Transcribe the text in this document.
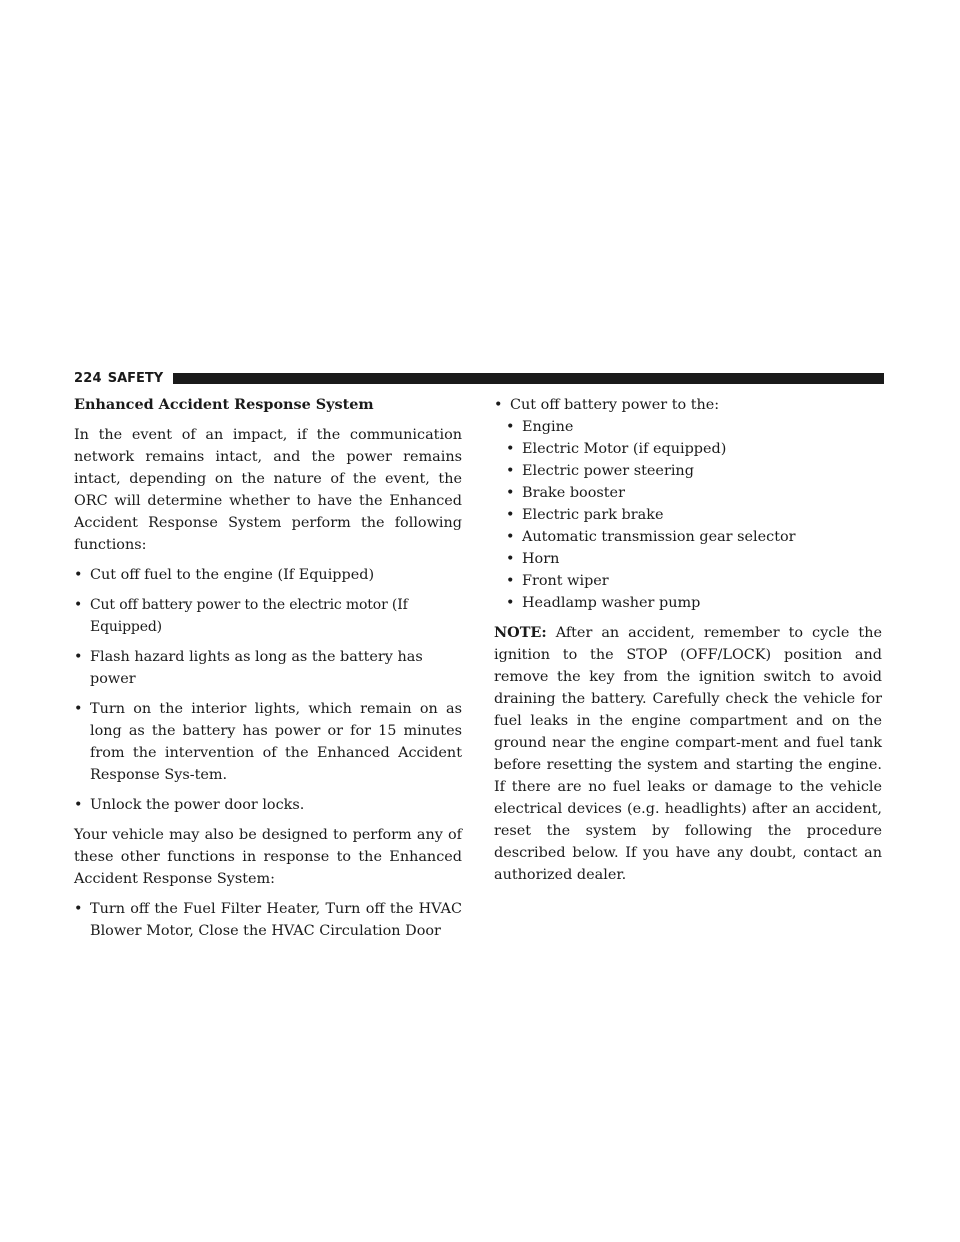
224 SAFETY
Enhanced Accident Response System

In the event of an impact, if the communication network remains intact, and the power remains intact, depending on the nature of the event, the ORC will determine whether to have the Enhanced Accident Response System perform the following functions:

• Cut off fuel to the engine (If Equipped)
• Cut off battery power to the electric motor (If Equipped)
• Flash hazard lights as long as the battery has power
• Turn on the interior lights, which remain on as long as the battery has power or for 15 minutes from the intervention of the Enhanced Accident Response Sys-tem.
• Unlock the power door locks.

Your vehicle may also be designed to perform any of these other functions in response to the Enhanced Accident Response System:

• Turn off the Fuel Filter Heater, Turn off the HVAC Blower Motor, Close the HVAC Circulation Door
• Cut off battery power to the:
• Engine
• Electric Motor (if equipped)
• Electric power steering
• Brake booster
• Electric park brake
• Automatic transmission gear selector
• Horn
• Front wiper
• Headlamp washer pump

NOTE: After an accident, remember to cycle the ignition to the STOP (OFF/LOCK) position and remove the key from the ignition switch to avoid draining the battery. Carefully check the vehicle for fuel leaks in the engine compartment and on the ground near the engine compart-ment and fuel tank before resetting the system and starting the engine. If there are no fuel leaks or damage to the vehicle electrical devices (e.g. headlights) after an accident, reset the system by following the procedure described below. If you have any doubt, contact an authorized dealer.
